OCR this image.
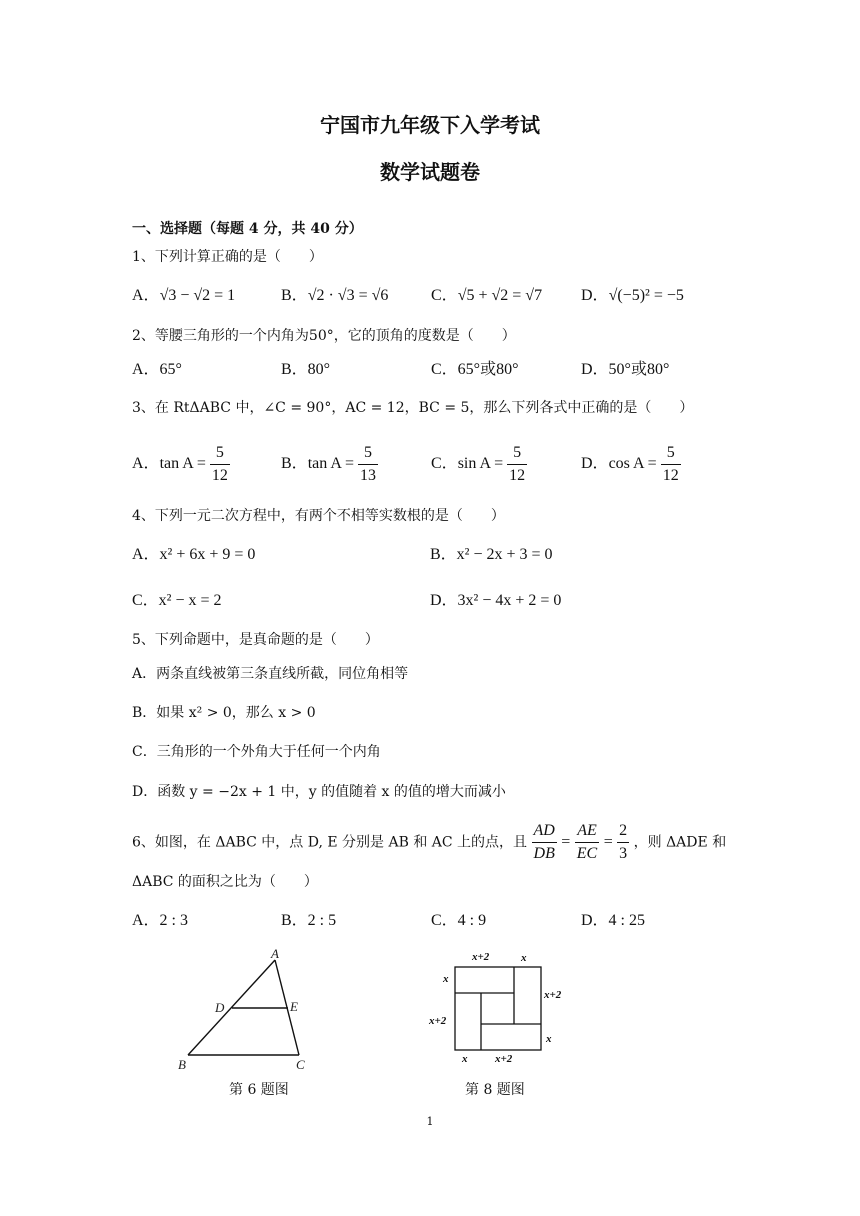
宁国市九年级下入学考试
数学试题卷
一、选择题（每题 4 分，共 40 分）
1、下列计算正确的是（　　）
A．√3 − √2 = 1	B．√2 · √3 = √6	C．√5 + √2 = √7 D．√(−5)² = −5
2、等腰三角形的一个内角为50°，它的顶角的度数是（　　）
A．65°	B．80°	C．65°或80°	D．50°或80°
3、在 RtΔABC 中，∠C = 90°，AC = 12，BC = 5，那么下列各式中正确的是（　　）
A．$\tan A = \frac{5}{12}$	B．$\tan A = \frac{5}{13}$	C．$\sin A = \frac{5}{12}$	D．$\cos A = \frac{5}{12}$
4、下列一元二次方程中，有两个不相等实数根的是（　　）
A．x² + 6x + 9 = 0	B．x² − 2x + 3 = 0
C．x² − x = 2	D．3x² − 4x + 2 = 0
5、下列命题中，是真命题的是（　　）
A．两条直线被第三条直线所截，同位角相等
B．如果 x² > 0，那么 x > 0
C．三角形的一个外角大于任何一个内角
D．函数 y = −2x + 1 中，y 的值随着 x 的值的增大而减小
6、如图，在 ΔABC 中，点 D, E 分别是 AB 和 AC 上的点，且 $\frac{AD}{DB} = \frac{AE}{EC} = \frac{2}{3}$ ，则 ΔADE 和
ΔABC 的面积之比为（　　）
A．2 : 3	B．2 : 5	C．4 : 9	D．4 : 25
A
B	C
D	E
第 6 题图
x+2	x
x
x+2
x+2
x
x	x+2
第 8 题图
1
